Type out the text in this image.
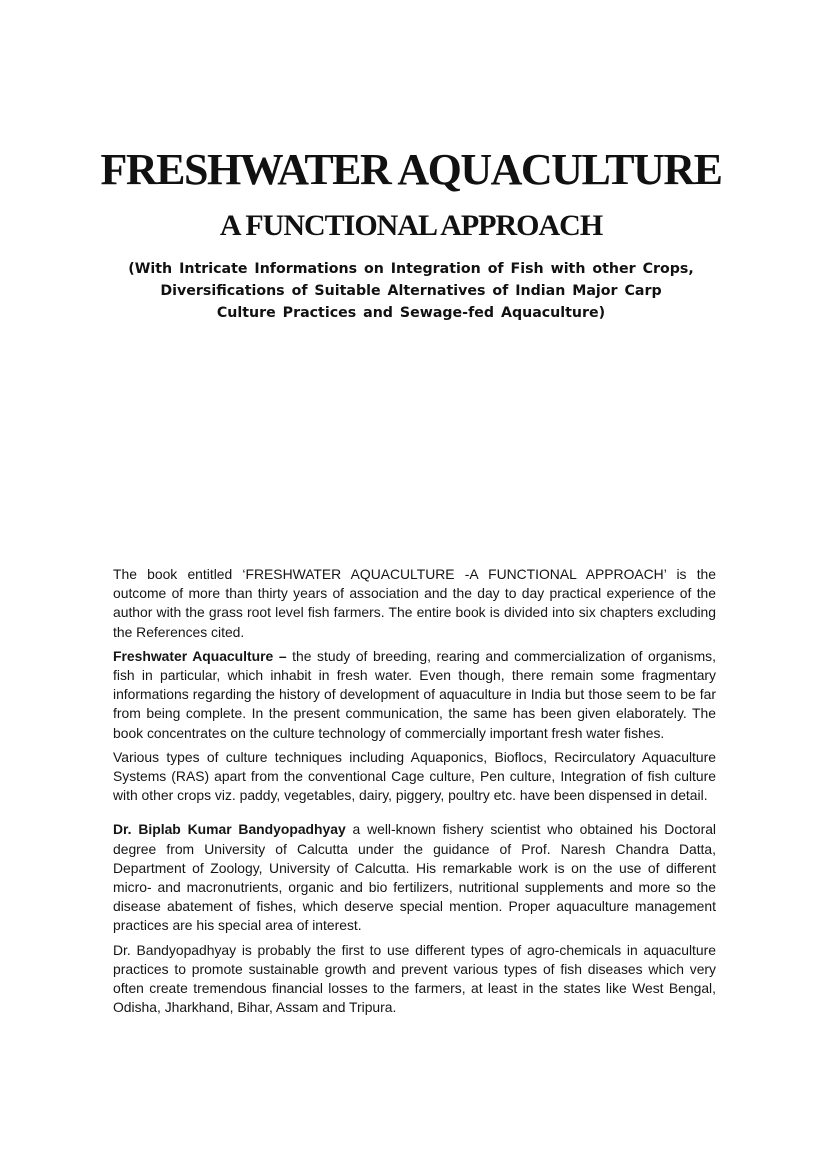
FRESHWATER AQUACULTURE
A FUNCTIONAL APPROACH

(With Intricate Informations on Integration of Fish with other Crops,
Diversifications of Suitable Alternatives of Indian Major Carp
Culture Practices and Sewage-fed Aquaculture)

The book entitled ‘FRESHWATER AQUACULTURE -A FUNCTIONAL APPROACH’ is the outcome of more than thirty years of association and the day to day practical experience of the author with the grass root level fish farmers. The entire book is divided into six chapters excluding the References cited.

Freshwater Aquaculture – the study of breeding, rearing and commercialization of organisms, fish in particular, which inhabit in fresh water. Even though, there remain some fragmentary informations regarding the history of development of aquaculture in India but those seem to be far from being complete. In the present communication, the same has been given elaborately. The book concentrates on the culture technology of commercially important fresh water fishes.

Various types of culture techniques including Aquaponics, Bioflocs, Recirculatory Aquaculture Systems (RAS) apart from the conventional Cage culture, Pen culture, Integration of fish culture with other crops viz. paddy, vegetables, dairy, piggery, poultry etc. have been dispensed in detail.

Dr. Biplab Kumar Bandyopadhyay a well-known fishery scientist who obtained his Doctoral degree from University of Calcutta under the guidance of Prof. Naresh Chandra Datta, Department of Zoology, University of Calcutta. His remarkable work is on the use of different micro- and macronutrients, organic and bio fertilizers, nutritional supplements and more so the disease abatement of fishes, which deserve special mention. Proper aquaculture management practices are his special area of interest.

Dr. Bandyopadhyay is probably the first to use different types of agro-chemicals in aquaculture practices to promote sustainable growth and prevent various types of fish diseases which very often create tremendous financial losses to the farmers, at least in the states like West Bengal, Odisha, Jharkhand, Bihar, Assam and Tripura.
